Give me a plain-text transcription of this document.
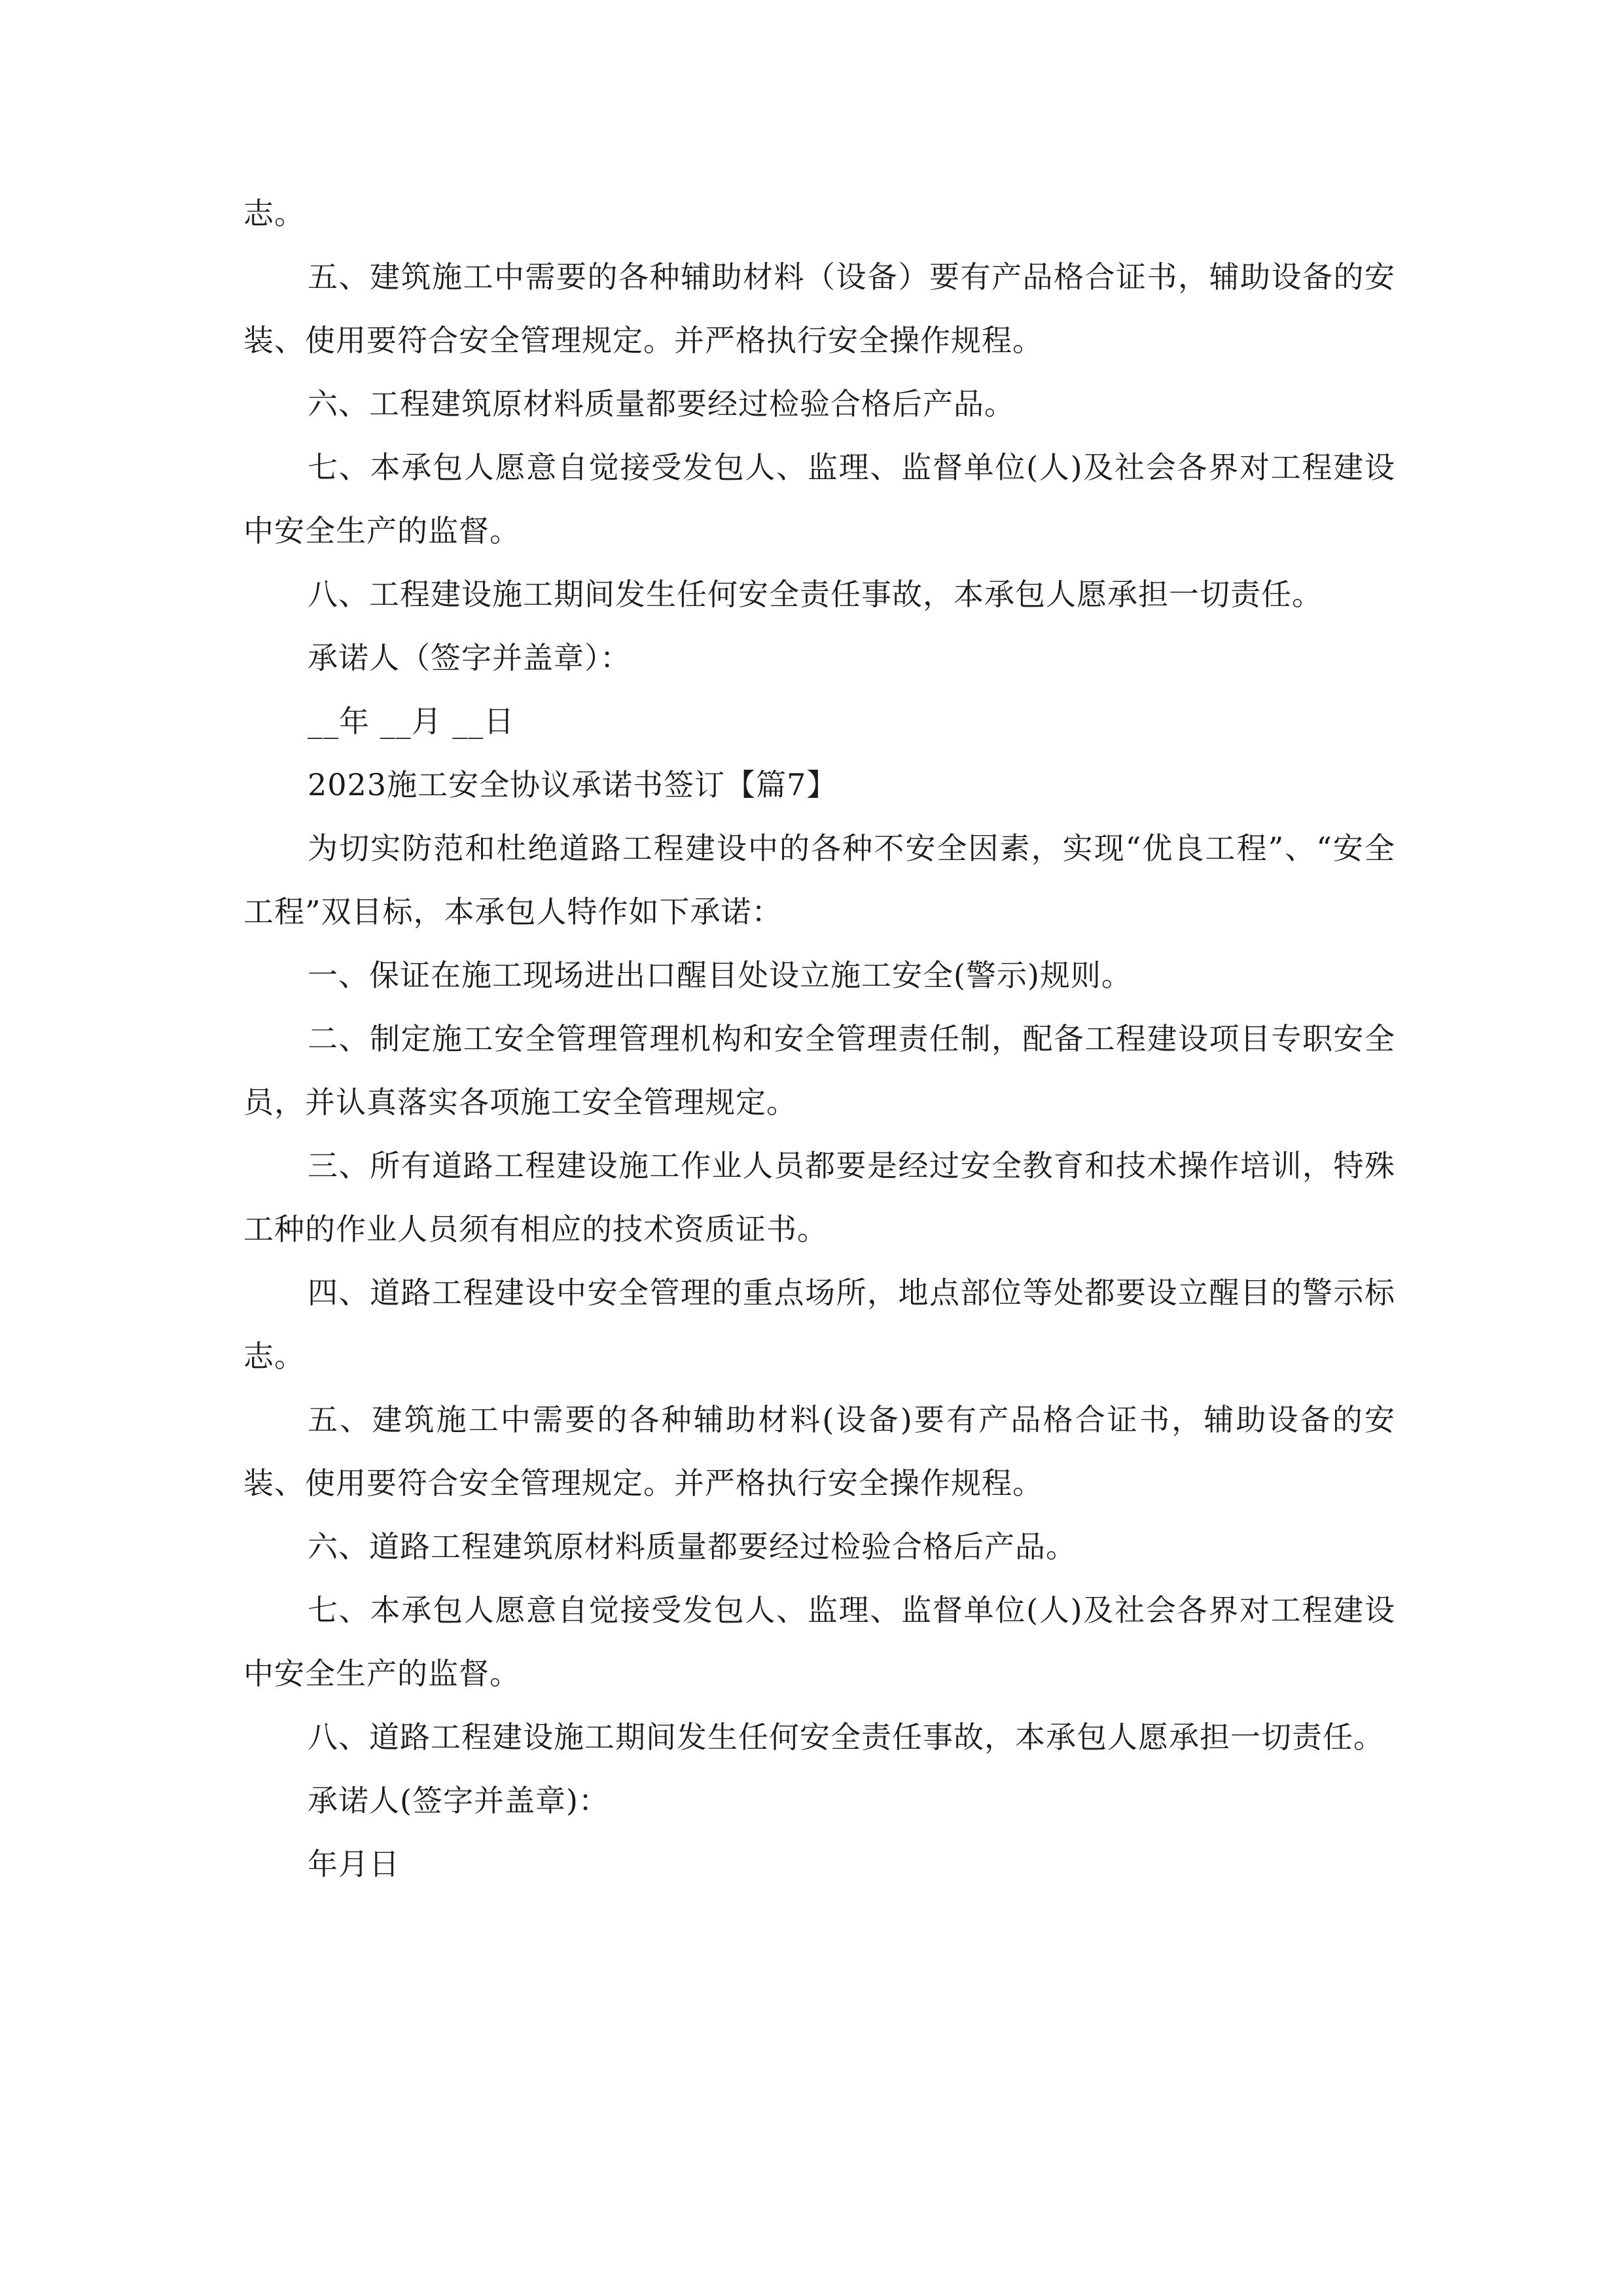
志。

五、建筑施工中需要的各种辅助材料（设备）要有产品格合证书，辅助设备的安装、使用要符合安全管理规定。并严格执行安全操作规程。

六、工程建筑原材料质量都要经过检验合格后产品。

七、本承包人愿意自觉接受发包人、监理、监督单位(人)及社会各界对工程建设中安全生产的监督。

八、工程建设施工期间发生任何安全责任事故，本承包人愿承担一切责任。

承诺人（签字并盖章）：

__年 __月 __日

2023施工安全协议承诺书签订【篇7】

为切实防范和杜绝道路工程建设中的各种不安全因素，实现“优良工程”、“安全工程”双目标，本承包人特作如下承诺：

一、保证在施工现场进出口醒目处设立施工安全(警示)规则。

二、制定施工安全管理管理机构和安全管理责任制，配备工程建设项目专职安全员，并认真落实各项施工安全管理规定。

三、所有道路工程建设施工作业人员都要是经过安全教育和技术操作培训，特殊工种的作业人员须有相应的技术资质证书。

四、道路工程建设中安全管理的重点场所，地点部位等处都要设立醒目的警示标志。

五、建筑施工中需要的各种辅助材料(设备)要有产品格合证书，辅助设备的安装、使用要符合安全管理规定。并严格执行安全操作规程。

六、道路工程建筑原材料质量都要经过检验合格后产品。

七、本承包人愿意自觉接受发包人、监理、监督单位(人)及社会各界对工程建设中安全生产的监督。

八、道路工程建设施工期间发生任何安全责任事故，本承包人愿承担一切责任。

承诺人(签字并盖章)：

年月日
